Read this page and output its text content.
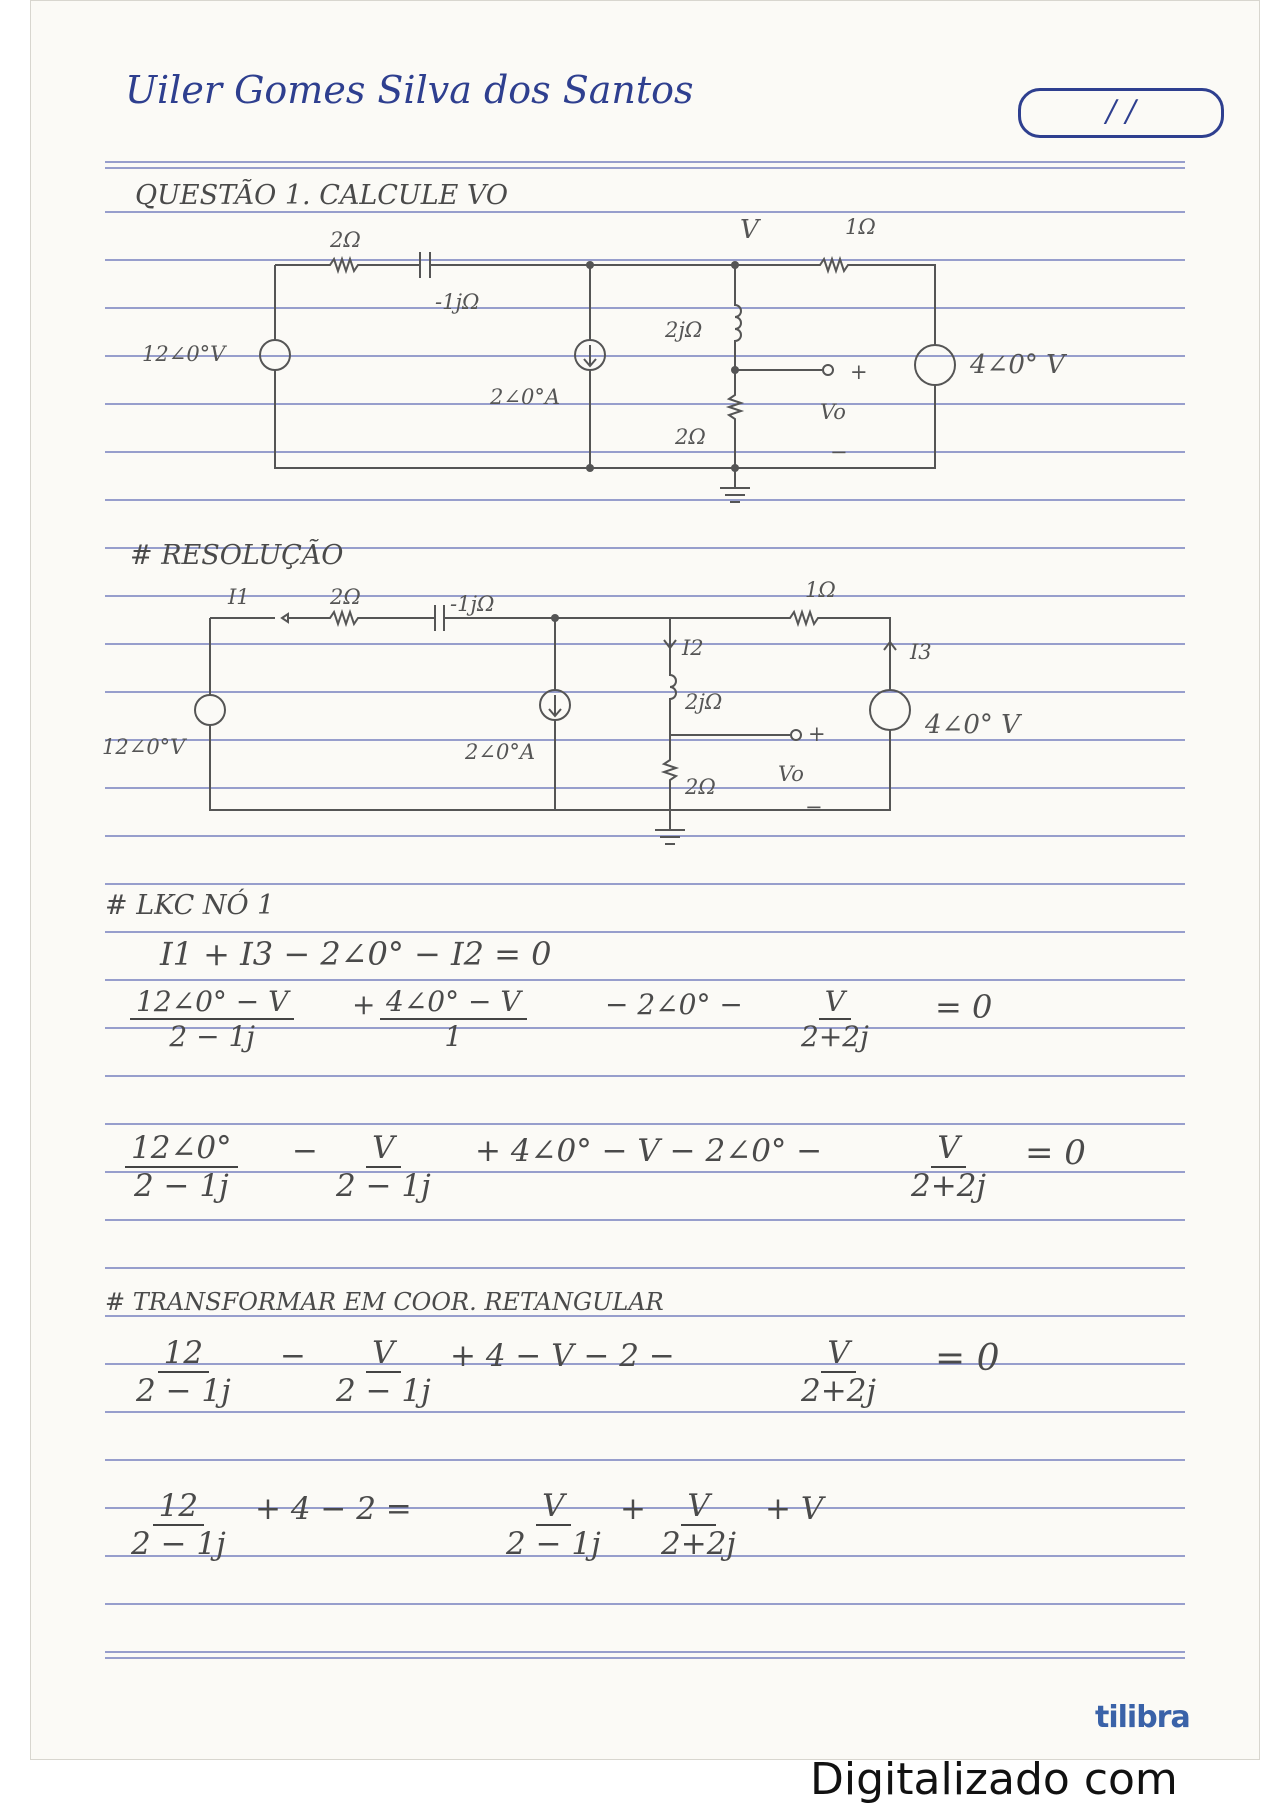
Uiler Gomes Silva dos Santos	/ /
QUESTÃO 1. CALCULE VO
2Ω
-1jΩ
1Ω
V
12∠0°V
2∠0°A
2jΩ
2Ω
4∠0° V
+
Vo
−
# RESOLUÇÃO
I1	2Ω	-1jΩ
1Ω
I2	I3
12∠0°V	2∠0°A
2jΩ
2Ω
4∠0° V
+
Vo
−
# LKC NÓ 1
I1 + I3 − 2∠0° − I2 = 0
$\frac{12\angle 0^\circ - V}{2 - 1j} + \frac{4\angle 0^\circ - V}{1}$	− 2∠0° − $\frac{V}{2+2j} = 0$
$\frac{12\angle 0^\circ}{2 - 1j} - \frac{V}{2 - 1j}$ + 4∠0° − V − 2∠0° −	$\frac{V}{2+2j} = 0$
# TRANSFORMAR EM COOR. RETANGULAR
$\frac{12}{2 - 1j} - \frac{V}{2 - 1j} + 4 - V - 2$ −	$\frac{V}{2+2j} = 0$
$\frac{12}{2 - 1j} + 4 - 2$ =	$\frac{V}{2 - 1j} + \frac{V}{2+2j} + V$
tilibra
Digitalizado com
